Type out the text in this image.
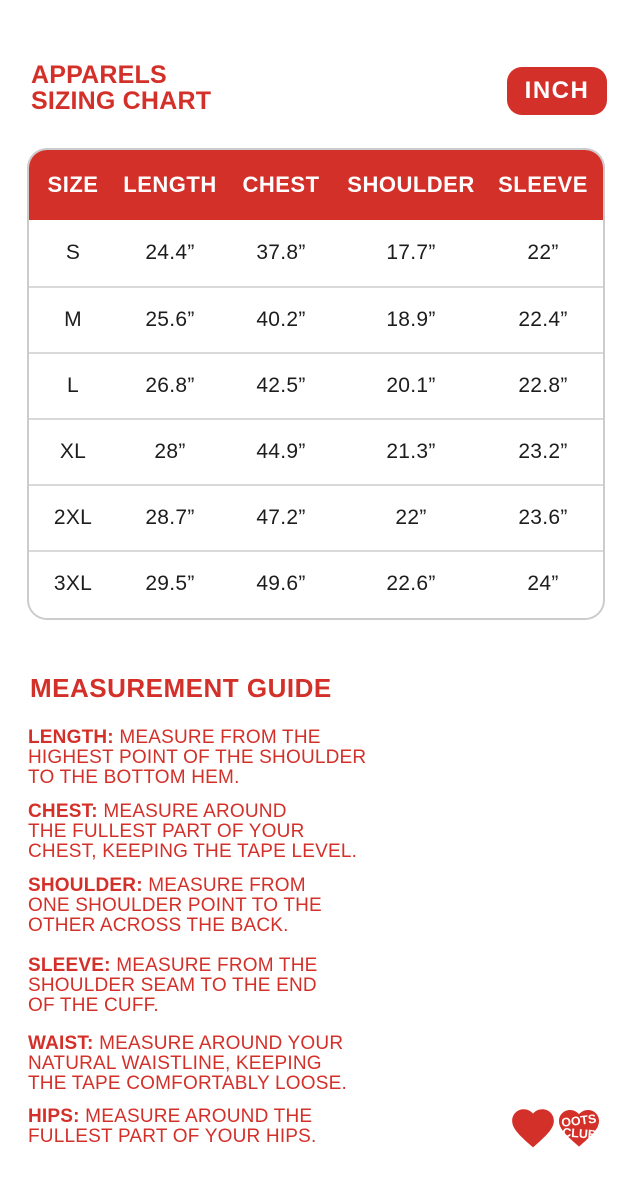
APPARELS
SIZING CHART	INCH
SIZE	LENGTH	CHEST	SHOULDER	SLEEVE
S	24.4”	37.8”	17.7”	22”
M	25.6”	40.2”	18.9”	22.4”
L	26.8”	42.5”	20.1”	22.8”
XL	28”	44.9”	21.3”	23.2”
2XL	28.7”	47.2”	22”	23.6”
3XL	29.5”	49.6”	22.6”	24”
MEASUREMENT GUIDE

LENGTH: MEASURE FROM THE
HIGHEST POINT OF THE SHOULDER
TO THE BOTTOM HEM.

CHEST: MEASURE AROUND
THE FULLEST PART OF YOUR
CHEST, KEEPING THE TAPE LEVEL.

SHOULDER: MEASURE FROM
ONE SHOULDER POINT TO THE
OTHER ACROSS THE BACK.

SLEEVE: MEASURE FROM THE
SHOULDER SEAM TO THE END
OF THE CUFF.

WAIST: MEASURE AROUND YOUR
NATURAL WAISTLINE, KEEPING
THE TAPE COMFORTABLY LOOSE.

HIPS: MEASURE AROUND THE
FULLEST PART OF YOUR HIPS.

OOTS
CLUB
